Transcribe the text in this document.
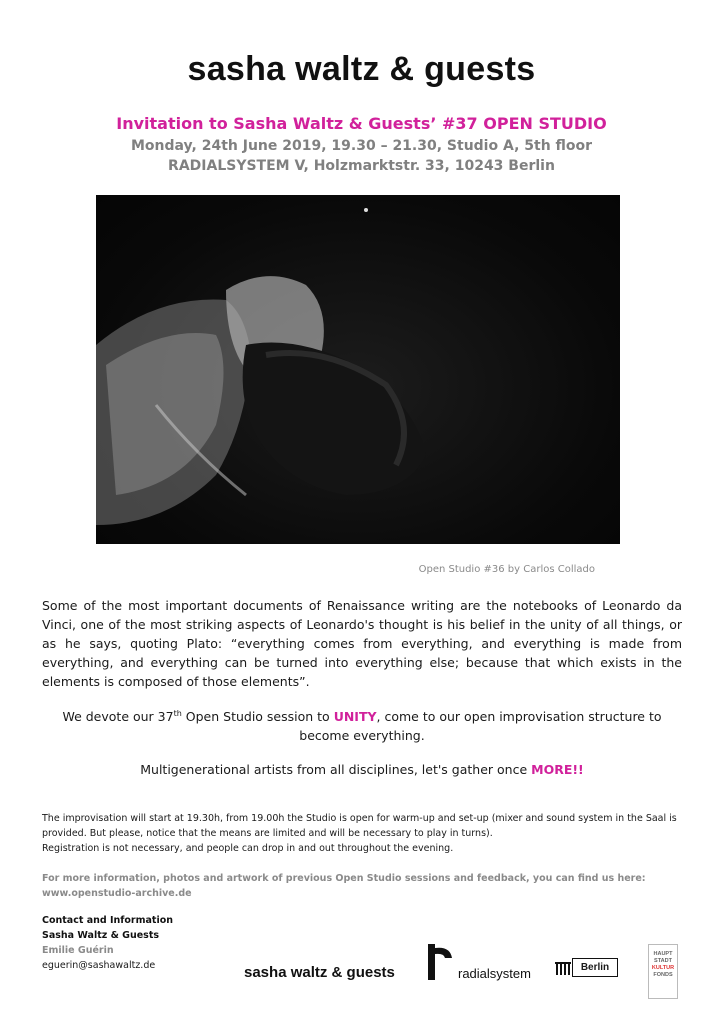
sasha waltz & guests
Invitation to Sasha Waltz & Guests’ #37 OPEN STUDIO
Monday, 24th June 2019, 19.30 – 21.30, Studio A, 5th floor
RADIALSYSTEM V, Holzmarktstr. 33, 10243 Berlin
Open Studio #36 by Carlos Collado
Some of the most important documents of Renaissance writing are the notebooks of Leonardo da Vinci, one of the most striking aspects of Leonardo's thought is his belief in the unity of all things, or as he says, quoting Plato: “everything comes from everything, and everything is made from everything, and everything can be turned into everything else; because that which exists in the elements is composed of those elements”.
We devote our 37th Open Studio session to UNITY, come to our open improvisation structure to become everything.
Multigenerational artists from all disciplines, let's gather once MORE!!
The improvisation will start at 19.30h, from 19.00h the Studio is open for warm-up and set-up (mixer and sound system in the Saal is provided. But please, notice that the means are limited and will be necessary to play in turns).
Registration is not necessary, and people can drop in and out throughout the evening.
For more information, photos and artwork of previous Open Studio sessions and feedback, you can find us here:
www.openstudio-archive.de
Contact and Information
Sasha Waltz & Guests
Emilie Guérin
eguerin@sashawaltz.de	sasha waltz & guests	radialsystem	Berlin
HAUPT
STADT
KULTUR
FONDS
